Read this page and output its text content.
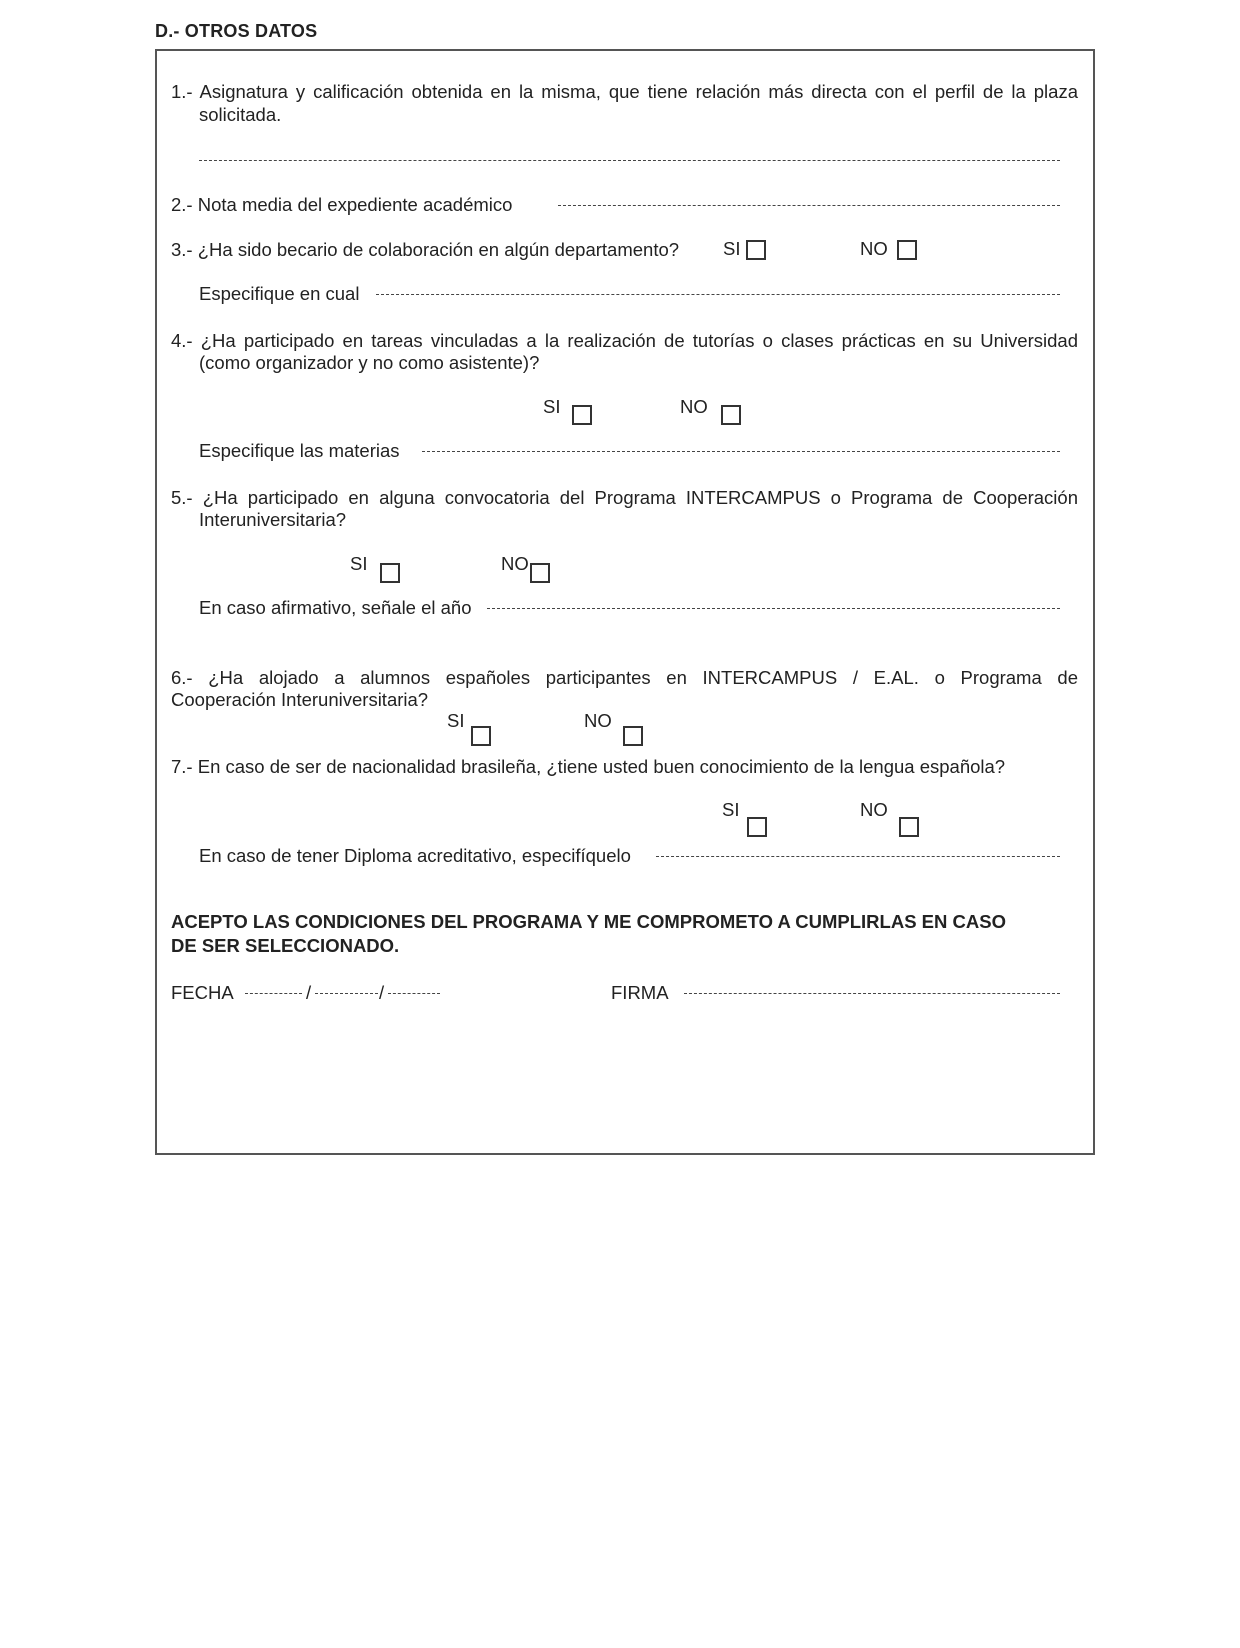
D.- OTROS DATOS
1.- Asignatura y calificación obtenida en la misma, que tiene relación más directa con el perfil de la plaza
solicitada.
2.- Nota media del expediente académico
3.- ¿Ha sido becario de colaboración en algún departamento? SI	NO
Especifique en cual
4.- ¿Ha participado en tareas vinculadas a la realización de tutorías o clases prácticas en su Universidad
(como organizador y no como asistente)?
SI	NO
Especifique las materias
5.- ¿Ha participado en alguna convocatoria del Programa INTERCAMPUS o Programa de Cooperación
Interuniversitaria?
SI	NO
En caso afirmativo, señale el año
6.- ¿Ha alojado a alumnos españoles participantes en INTERCAMPUS / E.AL. o Programa de
Cooperación Interuniversitaria?
SI	NO
7.- En caso de ser de nacionalidad brasileña, ¿tiene usted buen conocimiento de la lengua española?
SI	NO
En caso de tener Diploma acreditativo, especifíquelo
ACEPTO LAS CONDICIONES DEL PROGRAMA Y ME COMPROMETO A CUMPLIRLAS EN CASO
DE SER SELECCIONADO.
FECHA	/	/	FIRMA
